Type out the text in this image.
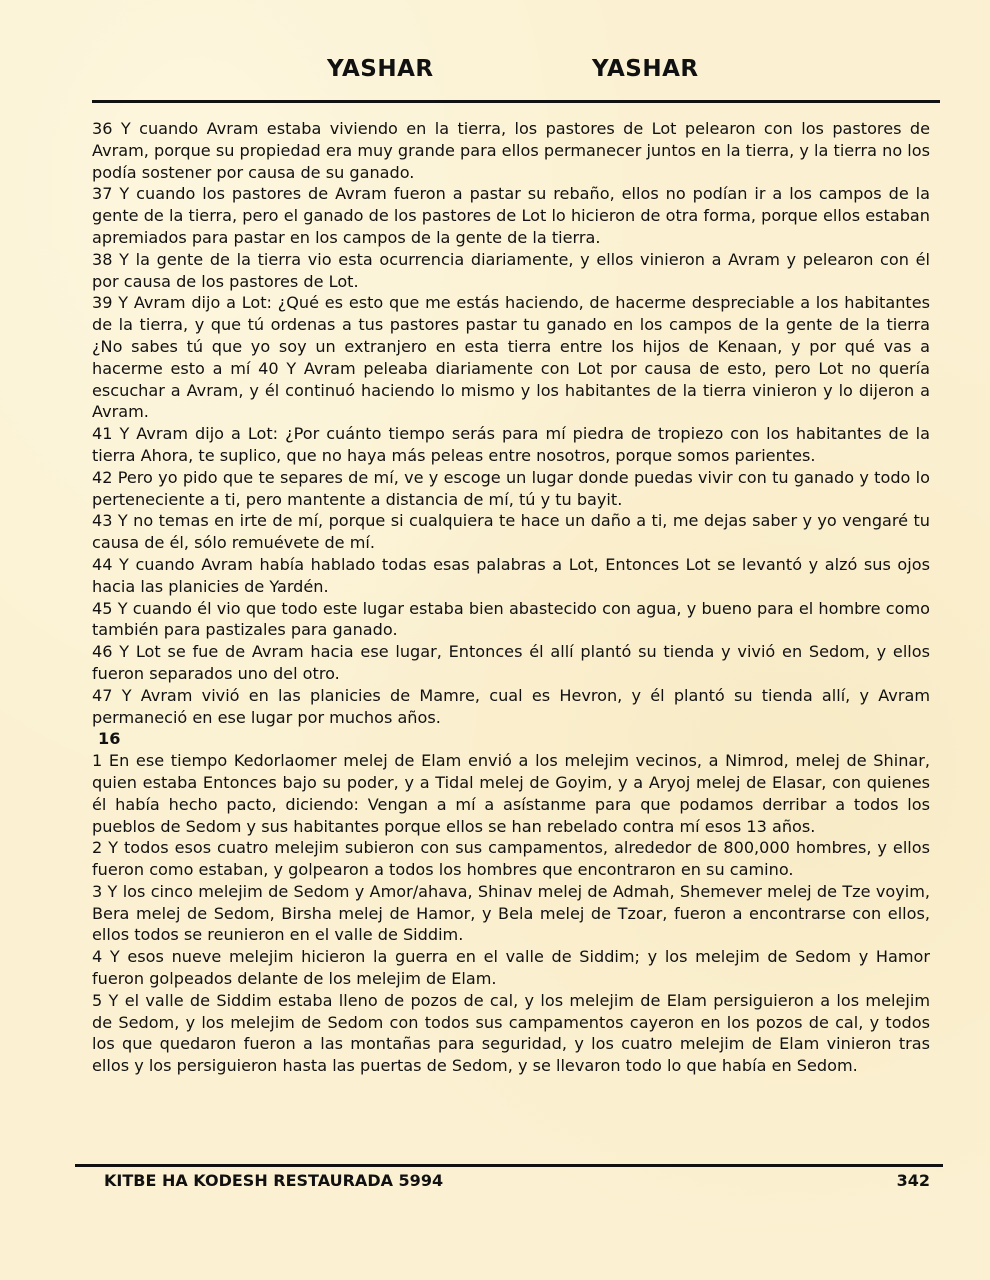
YASHAR	YASHAR

36 Y cuando Avram estaba viviendo en la tierra, los pastores de Lot pelearon con los pastores de Avram, porque su propiedad era muy grande para ellos permanecer juntos en la tierra, y la tierra no los podía sostener por causa de su ganado.

37 Y cuando los pastores de Avram fueron a pastar su rebaño, ellos no podían ir a los campos de la gente de la tierra, pero el ganado de los pastores de Lot lo hicieron de otra forma, porque ellos estaban apremiados para pastar en los campos de la gente de la tierra.

38 Y la gente de la tierra vio esta ocurrencia diariamente, y ellos vinieron a Avram y pelearon con él por causa de los pastores de Lot.

39 Y Avram dijo a Lot: ¿Qué es esto que me estás haciendo, de hacerme despreciable a los habitantes de la tierra, y que tú ordenas a tus pastores pastar tu ganado en los campos de la gente de la tierra ¿No sabes tú que yo soy un extranjero en esta tierra entre los hijos de Kenaan, y por qué vas a hacerme esto a mí 40 Y Avram peleaba diariamente con Lot por causa de esto, pero Lot no quería escuchar a Avram, y él continuó haciendo lo mismo y los habitantes de la tierra vinieron y lo dijeron a Avram.

41 Y Avram dijo a Lot: ¿Por cuánto tiempo serás para mí piedra de tropiezo con los habitantes de la tierra Ahora, te suplico, que no haya más peleas entre nosotros, porque somos parientes.

42 Pero yo pido que te separes de mí, ve y escoge un lugar donde puedas vivir con tu ganado y todo lo perteneciente a ti, pero mantente a distancia de mí, tú y tu bayit.

43 Y no temas en irte de mí, porque si cualquiera te hace un daño a ti, me dejas saber y yo vengaré tu causa de él, sólo remuévete de mí.

44 Y cuando Avram había hablado todas esas palabras a Lot, Entonces Lot se levantó y alzó sus ojos hacia las planicies de Yardén.

45 Y cuando él vio que todo este lugar estaba bien abastecido con agua, y bueno para el hombre como también para pastizales para ganado.

46 Y Lot se fue de Avram hacia ese lugar, Entonces él allí plantó su tienda y vivió en Sedom, y ellos fueron separados uno del otro.

47 Y Avram vivió en las planicies de Mamre, cual es Hevron, y él plantó su tienda allí, y Avram permaneció en ese lugar por muchos años.

16

1 En ese tiempo Kedorlaomer melej de Elam envió a los melejim vecinos, a Nimrod, melej de Shinar, quien estaba Entonces bajo su poder, y a Tidal melej de Goyim, y a Aryoj melej de Elasar, con quienes él había hecho pacto, diciendo: Vengan a mí a asístanme para que podamos derribar a todos los pueblos de Sedom y sus habitantes porque ellos se han rebelado contra mí esos 13 años.

2 Y todos esos cuatro melejim subieron con sus campamentos, alrededor de 800,000 hombres, y ellos fueron como estaban, y golpearon a todos los hombres que encontraron en su camino.

3 Y los cinco melejim de Sedom y Amor/ahava, Shinav melej de Admah, Shemever melej de Tze voyim, Bera melej de Sedom, Birsha melej de Hamor, y Bela melej de Tzoar, fueron a encontrarse con ellos, ellos todos se reunieron en el valle de Siddim.

4 Y esos nueve melejim hicieron la guerra en el valle de Siddim; y los melejim de Sedom y Hamor fueron golpeados delante de los melejim de Elam.

5 Y el valle de Siddim estaba lleno de pozos de cal, y los melejim de Elam persiguieron a los melejim de Sedom, y los melejim de Sedom con todos sus campamentos cayeron en los pozos de cal, y todos los que quedaron fueron a las montañas para seguridad, y los cuatro melejim de Elam vinieron tras ellos y los persiguieron hasta las puertas de Sedom, y se llevaron todo lo que había en Sedom.

KITBE HA KODESH RESTAURADA 5994	342
